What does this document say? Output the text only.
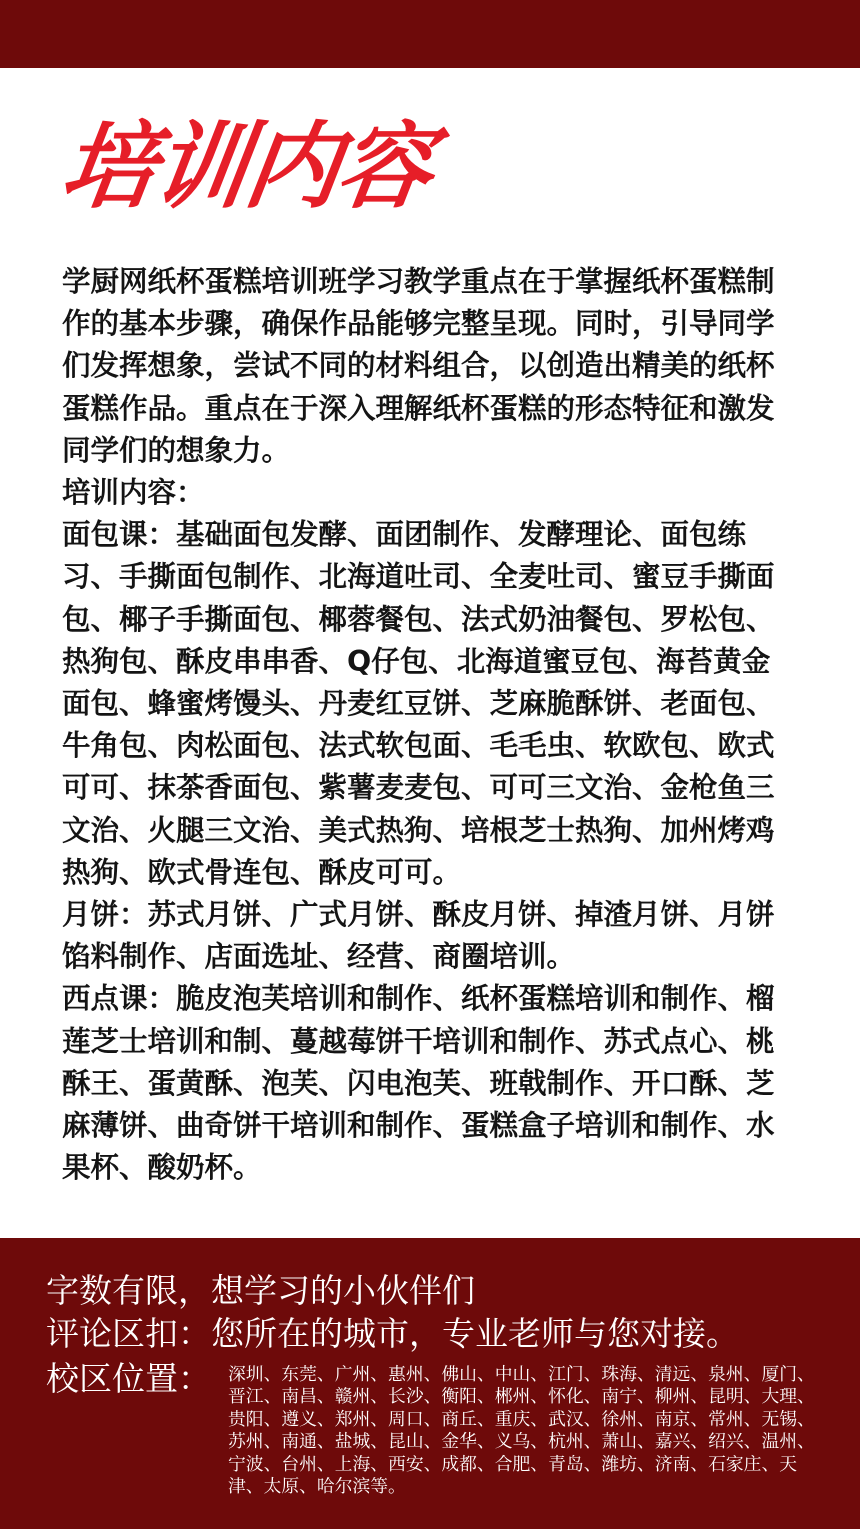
培训内容

学厨网纸杯蛋糕培训班学习教学重点在于掌握纸杯蛋糕制作的基本步骤，确保作品能够完整呈现。同时，引导同学们发挥想象，尝试不同的材料组合，以创造出精美的纸杯蛋糕作品。重点在于深入理解纸杯蛋糕的形态特征和激发同学们的想象力。

培训内容：

面包课：基础面包发酵、面团制作、发酵理论、面包练习、手撕面包制作、北海道吐司、全麦吐司、蜜豆手撕面包、椰子手撕面包、椰蓉餐包、法式奶油餐包、罗松包、热狗包、酥皮串串香、Q仔包、北海道蜜豆包、海苔黄金面包、蜂蜜烤馒头、丹麦红豆饼、芝麻脆酥饼、老面包、牛角包、肉松面包、法式软包面、毛毛虫、软欧包、欧式可可、抹茶香面包、紫薯麦麦包、可可三文治、金枪鱼三文治、火腿三文治、美式热狗、培根芝士热狗、加州烤鸡热狗、欧式骨连包、酥皮可可。

月饼：苏式月饼、广式月饼、酥皮月饼、掉渣月饼、月饼馅料制作、店面选址、经营、商圈培训。

西点课：脆皮泡芙培训和制作、纸杯蛋糕培训和制作、榴莲芝士培训和制、蔓越莓饼干培训和制作、苏式点心、桃酥王、蛋黄酥、泡芙、闪电泡芙、班戟制作、开口酥、芝麻薄饼、曲奇饼干培训和制作、蛋糕盒子培训和制作、水果杯、酸奶杯。

字数有限，想学习的小伙伴们
评论区扣：您所在的城市，专业老师与您对接。
校区位置： 深圳、东莞、广州、惠州、佛山、中山、江门、珠海、清远、泉州、厦门、晋江、南昌、赣州、长沙、衡阳、郴州、怀化、南宁、柳州、昆明、大理、贵阳、遵义、郑州、周口、商丘、重庆、武汉、徐州、南京、常州、无锡、苏州、南通、盐城、昆山、金华、义乌、杭州、萧山、嘉兴、绍兴、温州、宁波、台州、上海、西安、成都、合肥、青岛、潍坊、济南、石家庄、天津、太原、哈尔滨等。
